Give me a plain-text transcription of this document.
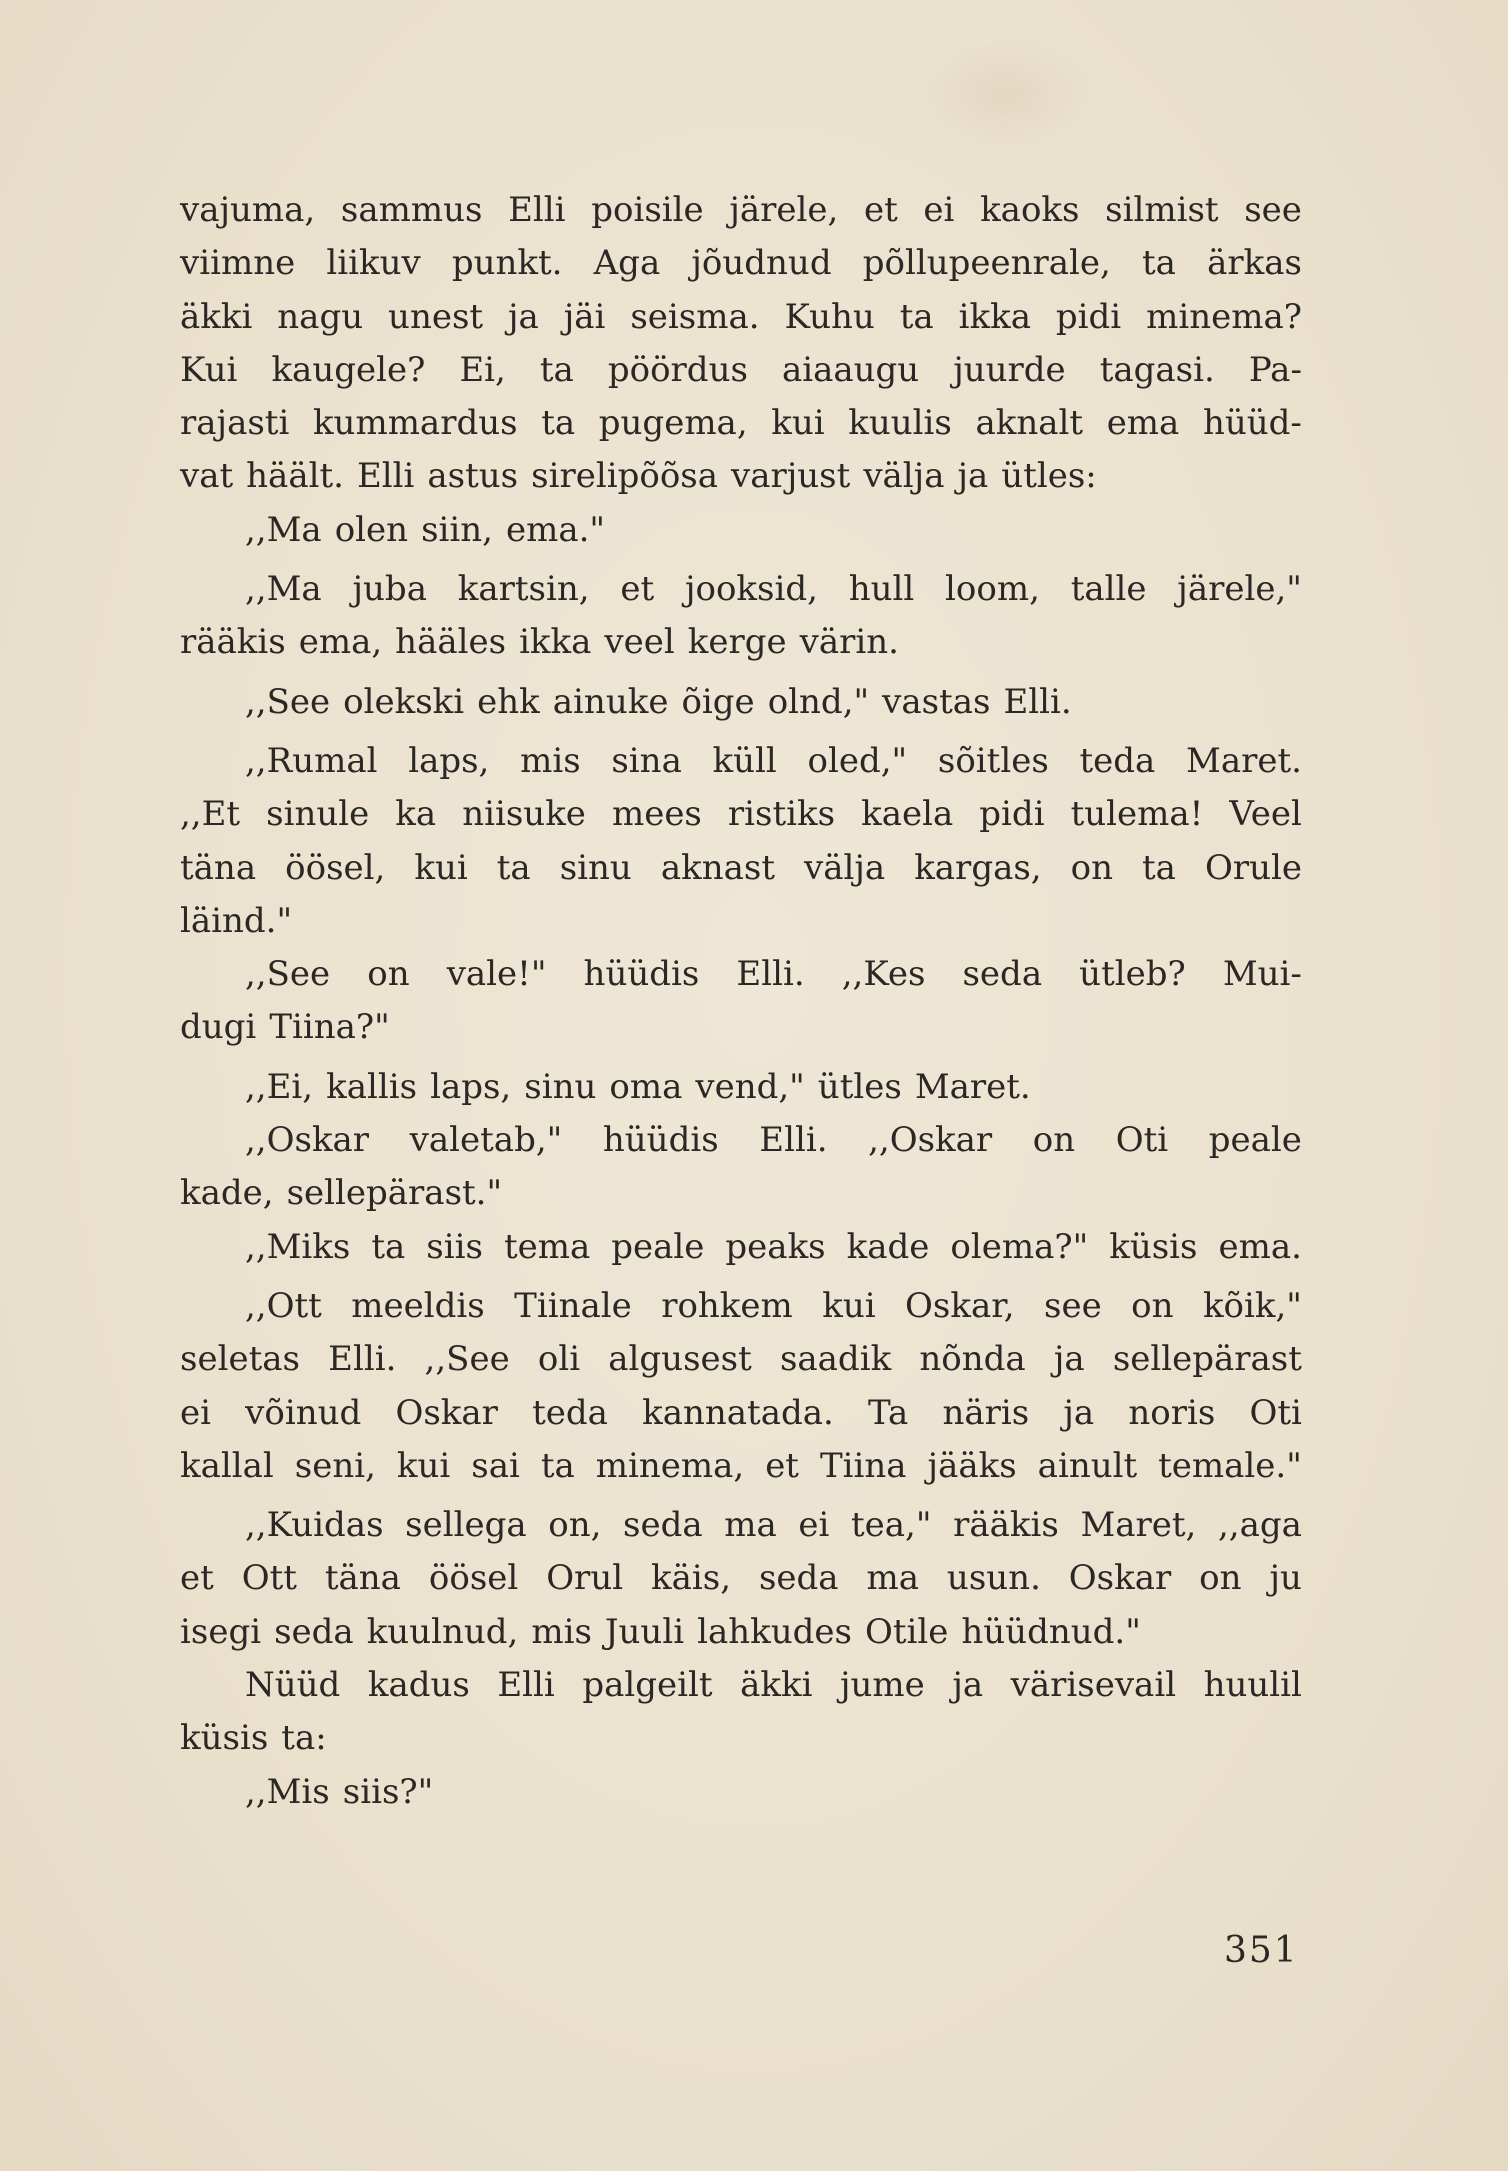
vajuma, sammus Elli poisile järele, et ei kaoks silmist see
viimne liikuv punkt. Aga jõudnud põllupeenrale, ta ärkas
äkki nagu unest ja jäi seisma. Kuhu ta ikka pidi minema?
Kui kaugele? Ei, ta pöördus aiaaugu juurde tagasi. Pa-
rajasti kummardus ta pugema, kui kuulis aknalt ema hüüd-
vat häält. Elli astus sirelipõõsa varjust välja ja ütles:
,,Ma olen siin, ema."
,,Ma juba kartsin, et jooksid, hull loom, talle järele,"
rääkis ema, hääles ikka veel kerge värin.
,,See olekski ehk ainuke õige olnd," vastas Elli.
,,Rumal laps, mis sina küll oled," sõitles teda Maret.
,,Et sinule ka niisuke mees ristiks kaela pidi tulema! Veel
täna öösel, kui ta sinu aknast välja kargas, on ta Orule
läind."
,,See on vale!" hüüdis Elli. ,,Kes seda ütleb? Mui-
dugi Tiina?"
,,Ei, kallis laps, sinu oma vend," ütles Maret.
,,Oskar valetab," hüüdis Elli. ,,Oskar on Oti peale
kade, sellepärast."
,,Miks ta siis tema peale peaks kade olema?" küsis ema.
,,Ott meeldis Tiinale rohkem kui Oskar, see on kõik,"
seletas Elli. ,,See oli algusest saadik nõnda ja sellepärast
ei võinud Oskar teda kannatada. Ta näris ja noris Oti
kallal seni, kui sai ta minema, et Tiina jääks ainult temale."
,,Kuidas sellega on, seda ma ei tea," rääkis Maret, ,,aga
et Ott täna öösel Orul käis, seda ma usun. Oskar on ju
isegi seda kuulnud, mis Juuli lahkudes Otile hüüdnud."
Nüüd kadus Elli palgeilt äkki jume ja värisevail huulil
küsis ta:
,,Mis siis?"
351
